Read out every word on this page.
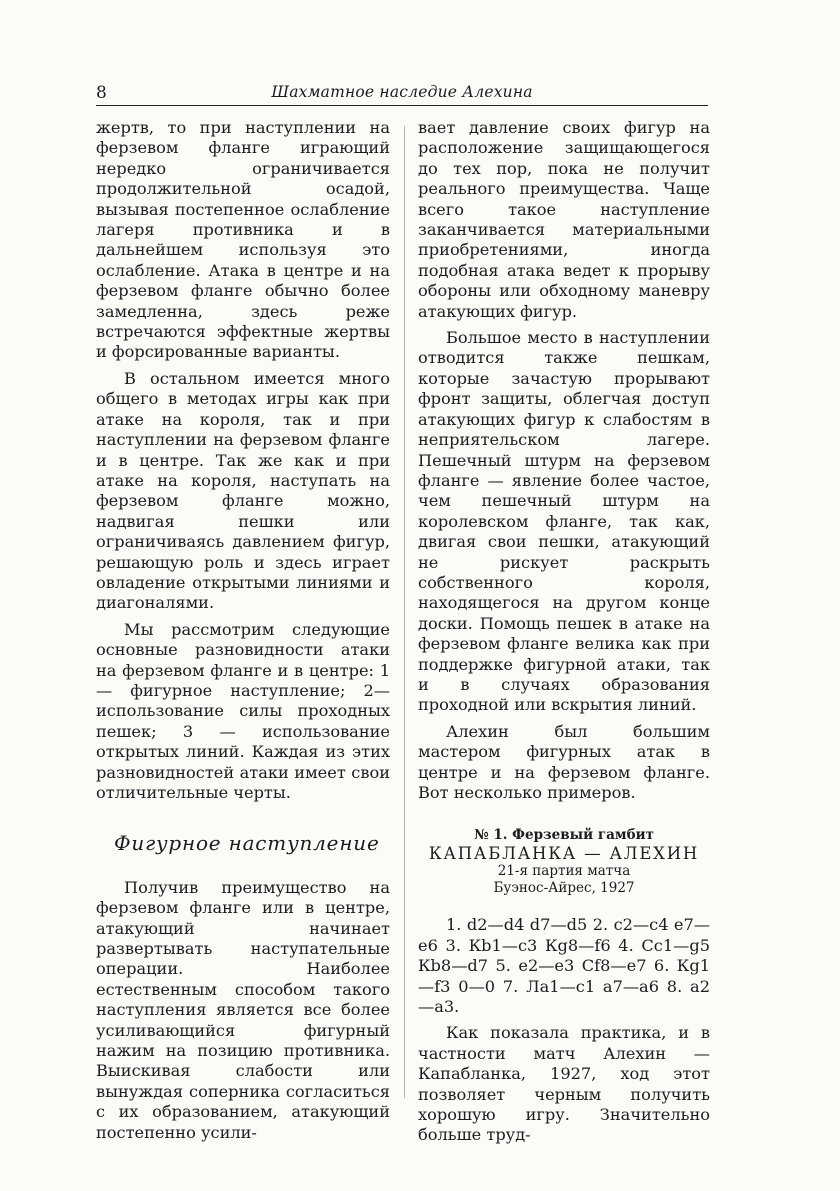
8	Шахматное наследие Алехина

жертв, то при наступлении на ферзевом фланге играющий нередко ограничивается продолжительной осадой, вызывая постепенное ослабление лагеря противника и в дальнейшем используя это ослабление. Атака в центре и на ферзевом фланге обычно более замедленна, здесь реже встречаются эффектные жертвы и форсированные варианты.

В остальном имеется много общего в методах игры как при атаке на короля, так и при наступлении на ферзевом фланге и в центре. Так же как и при атаке на короля, наступать на ферзевом фланге можно, надвигая пешки или ограничиваясь давлением фигур, решающую роль и здесь играет овладение открытыми линиями и диагоналями.

Мы рассмотрим следующие основные разновидности атаки на ферзевом фланге и в центре: 1 — фигурное наступление; 2— использование силы проходных пешек; 3 — использование открытых линий. Каждая из этих разновидностей атаки имеет свои отличительные черты.

Фигурное наступление

Получив преимущество на ферзевом фланге или в центре, атакующий начинает развертывать наступательные операции. Наиболее естественным способом такого наступления является все более усиливающийся фигурный нажим на позицию противника. Выискивая слабости или вынуждая соперника согласиться с их образованием, атакующий постепенно усили-

вает давление своих фигур на расположение защищающегося до тех пор, пока не получит реального преимущества. Чаще всего такое наступление заканчивается материальными приобретениями, иногда подобная атака ведет к прорыву обороны или обходному маневру атакующих фигур.

Большое место в наступлении отводится также пешкам, которые зачастую прорывают фронт защиты, облегчая доступ атакующих фигур к слабостям в неприятельском лагере. Пешечный штурм на ферзевом фланге — явление более частое, чем пешечный штурм на королевском фланге, так как, двигая свои пешки, атакующий не рискует раскрыть собственного короля, находящегося на другом конце доски. Помощь пешек в атаке на ферзевом фланге велика как при поддержке фигурной атаки, так и в случаях образования проходной или вскрытия линий.

Алехин был большим мастером фигурных атак в центре и на ферзевом фланге. Вот несколько примеров.

№ 1. Ферзевый гамбит
КАПАБЛАНКА — АЛЕХИН
21-я партия матча
Буэнос-Айрес, 1927

1. d2—d4 d7—d5 2. c2—c4 e7—e6 3. Кb1—c3 Кg8—f6 4. Cc1—g5 Кb8—d7 5. e2—e3 Cf8—e7 6. Кg1—f3 0—0 7. Лa1—c1 a7—a6 8. a2—a3.

Как показала практика, и в частности матч Алехин — Капабланка, 1927, ход этот позволяет черным получить хорошую игру. Значительно больше труд-
